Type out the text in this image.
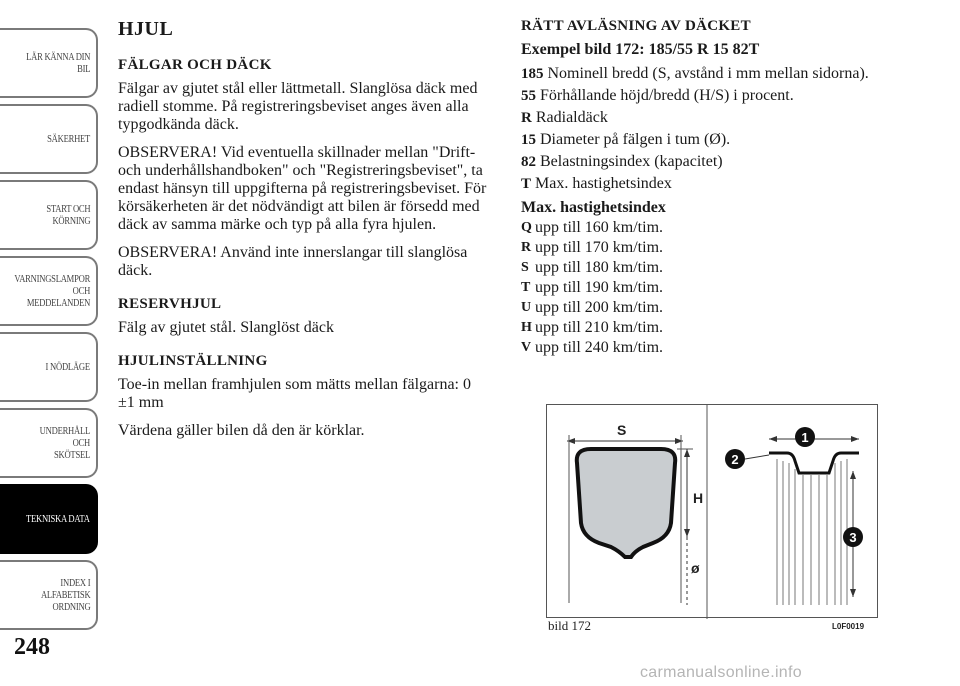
LÄR KÄNNA DIN
BIL
SÄKERHET
START OCH
KÖRNING
VARNINGSLAMPOR
OCH
MEDDELANDEN
I NÖDLÄGE
UNDERHÅLL OCH
SKÖTSEL
TEKNISKA DATA
INDEX I
ALFABETISK
ORDNING
248
HJUL
FÄLGAR OCH DÄCK

Fälgar av gjutet stål eller lättmetall. Slanglösa däck med radiell stomme. På registreringsbeviset anges även alla typgodkända däck.

OBSERVERA! Vid eventuella skillnader mellan "Drift- och underhållshandboken" och "Registreringsbeviset", ta endast hänsyn till uppgifterna på registreringsbeviset. För körsäkerheten är det nödvändigt att bilen är försedd med däck av samma märke och typ på alla fyra hjulen.

OBSERVERA! Använd inte innerslangar till slanglösa däck.

RESERVHJUL

Fälg av gjutet stål. Slanglöst däck

HJULINSTÄLLNING

Toe-in mellan framhjulen som mätts mellan fälgarna: 0 ±1 mm

Värdena gäller bilen då den är körklar.

RÄTT AVLÄSNING AV DÄCKET
Exempel bild 172: 185/55 R 15 82T
185 Nominell bredd (S, avstånd i mm mellan sidorna).
55 Förhållande höjd/bredd (H/S) i procent.
R Radialdäck
15 Diameter på fälgen i tum (Ø).
82 Belastningsindex (kapacitet)
T Max. hastighetsindex
Max. hastighetsindex
Q upp till 160 km/tim.
R upp till 170 km/tim.
S upp till 180 km/tim.
T upp till 190 km/tim.
U upp till 200 km/tim.
H upp till 210 km/tim.
V upp till 240 km/tim.
S
H
ø
1
2
3
bild 172	L0F0019
carmanualsonline.info
